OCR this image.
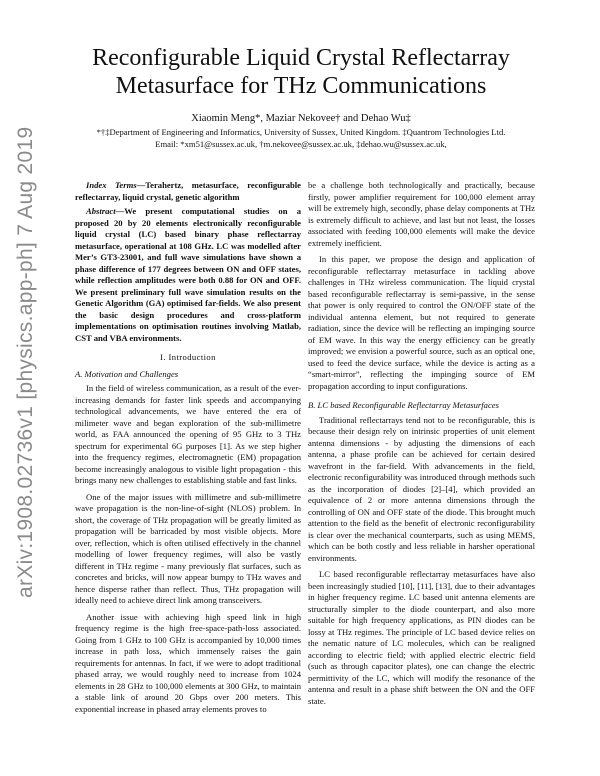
arXiv:1908.02736v1 [physics.app-ph] 7 Aug 2019
Reconfigurable Liquid Crystal Reflectarray Metasurface for THz Communications
Xiaomin Meng*, Maziar Nekovee† and Dehao Wu‡
*†‡Department of Engineering and Informatics, University of Sussex, United Kingdom. ‡Quantrom Technologies Ltd.
Email: *xm51@sussex.ac.uk, †m.nekovee@sussex.ac.uk, ‡dehao.wu@sussex.ac.uk,

Index Terms—Terahertz, metasurface, reconfigurable reflectarray, liquid crystal, genetic algorithm

Abstract—We present computational studies on a proposed 20 by 20 elements electronically reconfigurable liquid crystal (LC) based binary phase reflectarray metasurface, operational at 108 GHz. LC was modelled after Mer’s GT3-23001, and full wave simulations have shown a phase difference of 177 degrees between ON and OFF states, while reflection amplitudes were both 0.88 for ON and OFF. We present preliminary full wave simulation results on the Genetic Algorithm (GA) optimised far-fields. We also present the basic design procedures and cross-platform implementations on optimisation routines involving Matlab, CST and VBA environments.

I. Introduction
A. Motivation and Challenges

In the field of wireless communication, as a result of the ever-increasing demands for faster link speeds and accompanying technological advancements, we have entered the era of milimeter wave and began exploration of the sub-millimetre world, as FAA announced the opening of 95 GHz to 3 THz spectrum for experimental 6G purposes [1]. As we step higher into the frequency regimes, electromagnetic (EM) propagation become increasingly analogous to visible light propagation - this brings many new challenges to establishing stable and fast links.

One of the major issues with millimetre and sub-millimetre wave propagation is the non-line-of-sight (NLOS) problem. In short, the coverage of THz propagation will be greatly limited as propagation will be barricaded by most visible objects. More over, reflection, which is often utilised effectively in the channel modelling of lower frequency regimes, will also be vastly different in THz regime - many previously flat surfaces, such as concretes and bricks, will now appear bumpy to THz waves and hence disperse rather than reflect. Thus, THz propagation will ideally need to achieve direct link among transceivers.

Another issue with achieving high speed link in high frequency regime is the high free-space-path-loss associated. Going from 1 GHz to 100 GHz is accompanied by 10,000 times increase in path loss, which immensely raises the gain requirements for antennas. In fact, if we were to adopt traditional phased array, we would roughly need to increase from 1024 elements in 28 GHz to 100,000 elements at 300 GHz, to maintain a stable link of around 20 Gbps over 200 meters. This exponential increase in phased array elements proves to

be a challenge both technologically and practically, because firstly, power amplifier requirement for 100,000 element array will be extremely high, secondly, phase delay components at THz is extremely difficult to achieve, and last but not least, the losses associated with feeding 100,000 elements will make the device extremely inefficient.

In this paper, we propose the design and application of reconfigurable reflectarray metasurface in tackling above challenges in THz wireless communication. The liquid crystal based reconfigurable reflectarray is semi-passive, in the sense that power is only required to control the ON/OFF state of the individual antenna element, but not required to generate radiation, since the device will be reflecting an impinging source of EM wave. In this way the energy efficiency can be greatly improved; we envision a powerful source, such as an optical one, used to feed the device surface, while the device is acting as a “smart-mirror”, reflecting the impinging source of EM propagation according to input configurations.

B. LC based Reconfigurable Reflectarray Metasurfaces

Traditional reflectarrays tend not to be reconfigurable, this is because their design rely on intrinsic properties of unit element antenna dimensions - by adjusting the dimensions of each antenna, a phase profile can be achieved for certain desired wavefront in the far-field. With advancements in the field, electronic reconfigurability was introduced through methods such as the incorporation of diodes [2]–[4], which provided an equivalence of 2 or more antenna dimensions through the controlling of ON and OFF state of the diode. This brought much attention to the field as the benefit of electronic reconfigurability is clear over the mechanical counterparts, such as using MEMS, which can be both costly and less reliable in harsher operational environments.

LC based reconfigurable reflectarray metasurfaces have also been increasingly studied [10], [11], [13], due to their advantages in higher frequency regime. LC based unit antenna elements are structurally simpler to the diode counterpart, and also more suitable for high frequency applications, as PIN diodes can be lossy at THz regimes. The principle of LC based device relies on the nematic nature of LC molecules, which can be realigned according to electric field; with applied electric electric field (such as through capacitor plates), one can change the electric permittivity of the LC, which will modify the resonance of the antenna and result in a phase shift between the ON and the OFF state.
